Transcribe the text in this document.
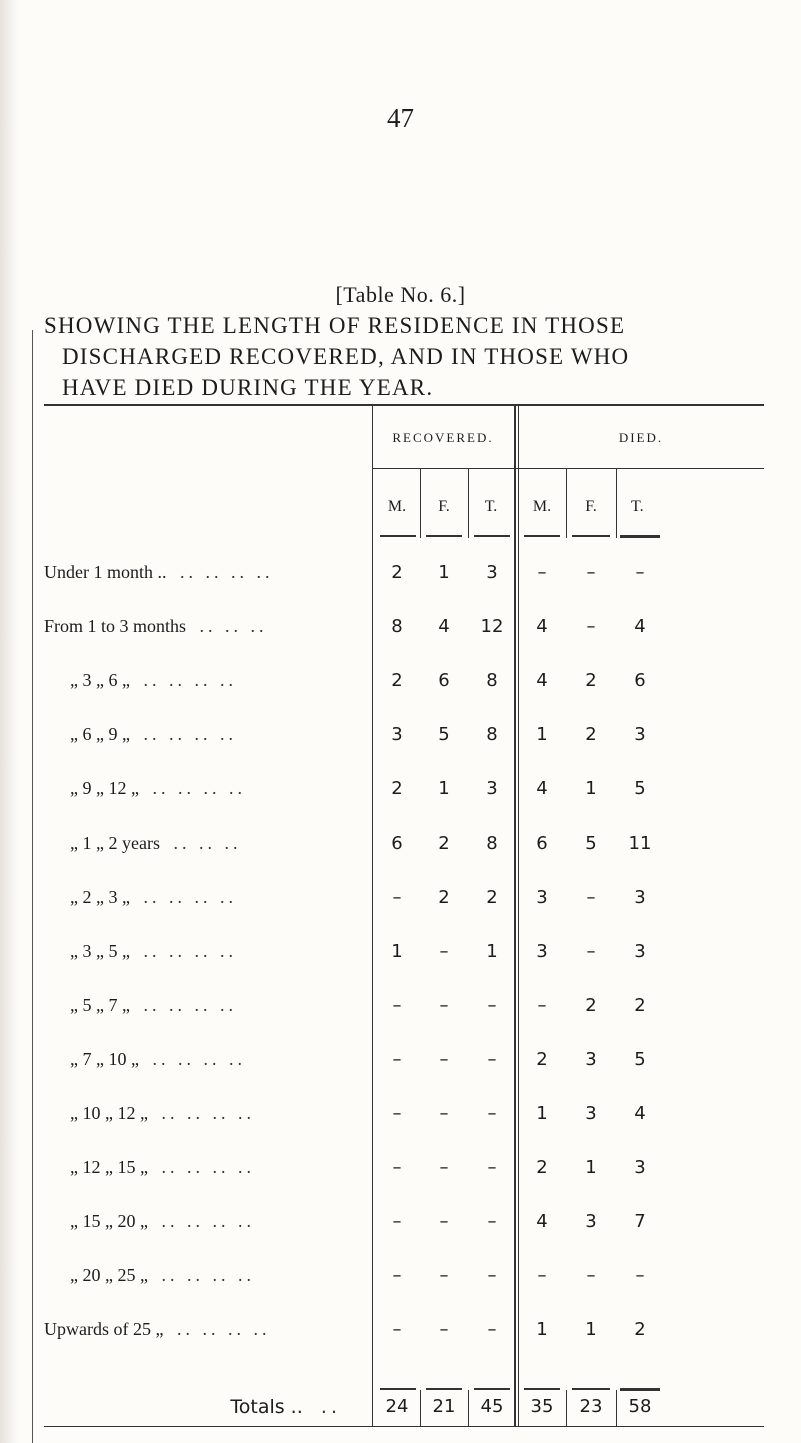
47
[Table No. 6.]
SHOWING THE LENGTH OF RESIDENCE IN THOSE
DISCHARGED RECOVERED, AND IN THOSE WHO
HAVE DIED DURING THE YEAR.
RECOVERED.	DIED.
M.	F.	T.	M.	F.	T.
Under 1 month .. .. .. .. ..	2	1	3	–	–	–
From 1 to 3 months .. .. ..	8	4	12	4	–	4
„ 3 „ 6 „ .. .. .. ..	2	6	8	4	2	6
„ 6 „ 9 „ .. .. .. ..	3	5	8	1	2	3
„ 9 „ 12 „ .. .. .. ..	2	1	3	4	1	5
„ 1 „ 2 years .. .. ..	6	2	8	6	5	11
„ 2 „ 3 „ .. .. .. ..	–	2	2	3	–	3
„ 3 „ 5 „ .. .. .. ..	1	–	1	3	–	3
„ 5 „ 7 „ .. .. .. ..	–	–	–	–	2	2
„ 7 „ 10 „ .. .. .. ..	–	–	–	2	3	5
„ 10 „ 12 „ .. .. .. ..	–	–	–	1	3	4
„ 12 „ 15 „ .. .. .. ..	–	–	–	2	1	3
„ 15 „ 20 „ .. .. .. ..	–	–	–	4	3	7
„ 20 „ 25 „ .. .. .. ..	–	–	–	–	–	–
Upwards of 25 „ .. .. .. ..	–	–	–	1	1	2
Totals .. ..	24	21	45	35	23	58
